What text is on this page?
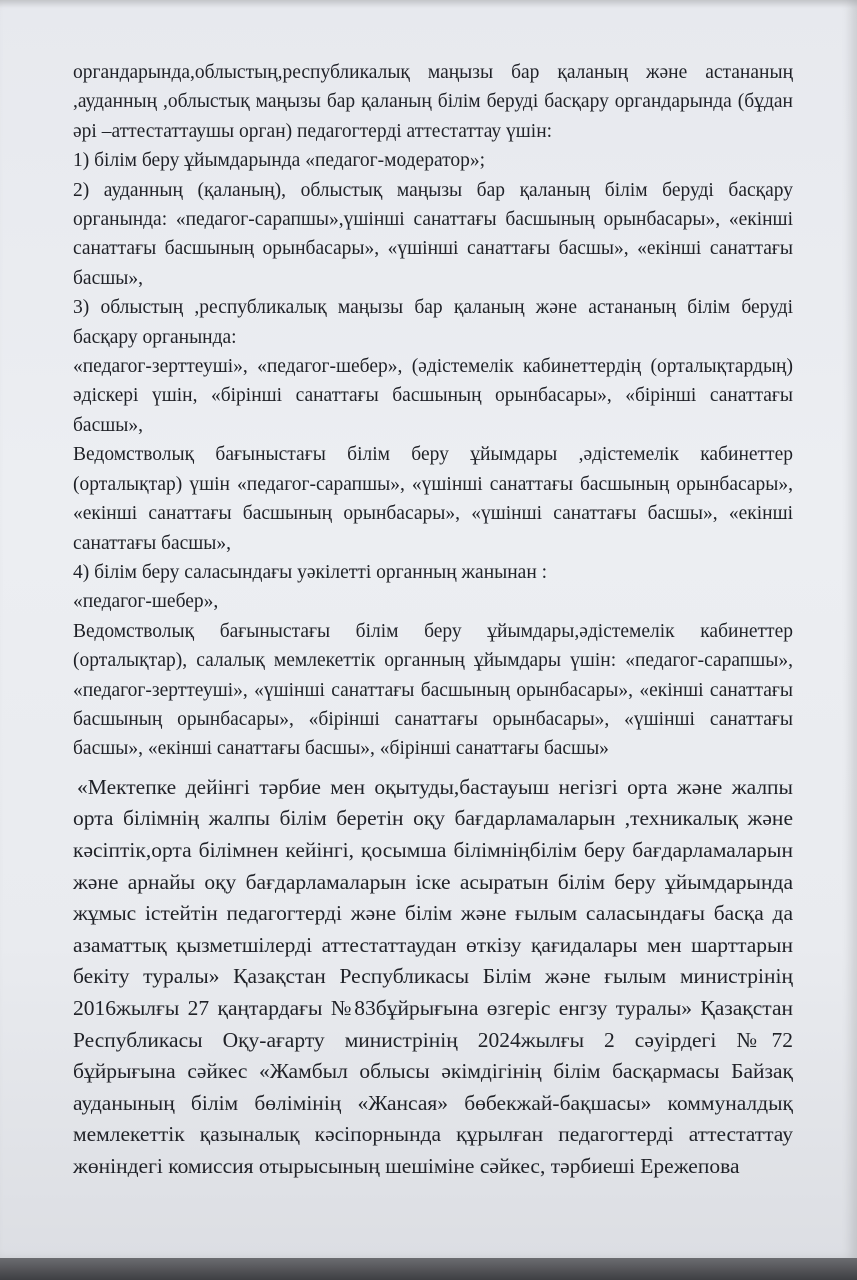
органдарында,облыстың,республикалық маңызы бар қаланың және астананың ,ауданның ,облыстық маңызы бар қаланың білім беруді басқару органдарында (бұдан әрі –аттестаттаушы орган) педагогтерді аттестаттау үшін:

1) білім беру ұйымдарында «педагог-модератор»;

2) ауданның (қаланың), облыстық маңызы бар қаланың білім беруді басқару органында: «педагог-сарапшы»,үшінші санаттағы басшының орынбасары», «екінші санаттағы басшының орынбасары», «үшінші санаттағы басшы», «екінші санаттағы басшы»,

3) облыстың ,республикалық маңызы бар қаланың және астананың білім беруді басқару органында:

«педагог-зерттеуші», «педагог-шебер», (әдістемелік кабинеттердің (орталықтардың) әдіскері үшін, «бірінші санаттағы басшының орынбасары», «бірінші санаттағы басшы»,

Ведомстволық бағыныстағы білім беру ұйымдары ,әдістемелік кабинеттер (орталықтар) үшін «педагог-сарапшы», «үшінші санаттағы басшының орынбасары», «екінші санаттағы басшының орынбасары», «үшінші санаттағы басшы», «екінші санаттағы басшы»,

4) білім беру саласындағы уәкілетті органның жанынан :

«педагог-шебер»,

Ведомстволық бағыныстағы білім беру ұйымдары,әдістемелік кабинеттер (орталықтар), салалық мемлекеттік органның ұйымдары үшін: «педагог-сарапшы», «педагог-зерттеуші», «үшінші санаттағы басшының орынбасары», «екінші санаттағы басшының орынбасары», «бірінші санаттағы орынбасары», «үшінші санаттағы басшы», «екінші санаттағы басшы», «бірінші санаттағы басшы»

«Мектепке дейінгі тәрбие мен оқытуды,бастауыш негізгі орта және жалпы орта білімнің жалпы білім беретін оқу бағдарламаларын ,техникалық және кәсіптік,орта білімнен кейінгі, қосымша білімніңбілім беру бағдарламаларын және арнайы оқу бағдарламаларын іске асыратын білім беру ұйымдарында жұмыс істейтін педагогтерді және білім және ғылым саласындағы басқа да азаматтық қызметшілерді аттестаттаудан өткізу қағидалары мен шарттарын бекіту туралы» Қазақстан Республикасы Білім және ғылым министрінің 2016жылғы 27 қаңтардағы №83бұйрығына өзгеріс енгзу туралы» Қазақстан Республикасы Оқу-ағарту министрінің 2024жылғы 2 сәуірдегі №72 бұйрығына сәйкес «Жамбыл облысы әкімдігінің білім басқармасы Байзақ ауданының білім бөлімінің «Жансая» бөбекжай-бақшасы» коммуналдық мемлекеттік қазыналық кәсіпорнында құрылған педагогтерді аттестаттау жөніндегі комиссия отырысының шешіміне сәйкес, тәрбиеші Ережепова
